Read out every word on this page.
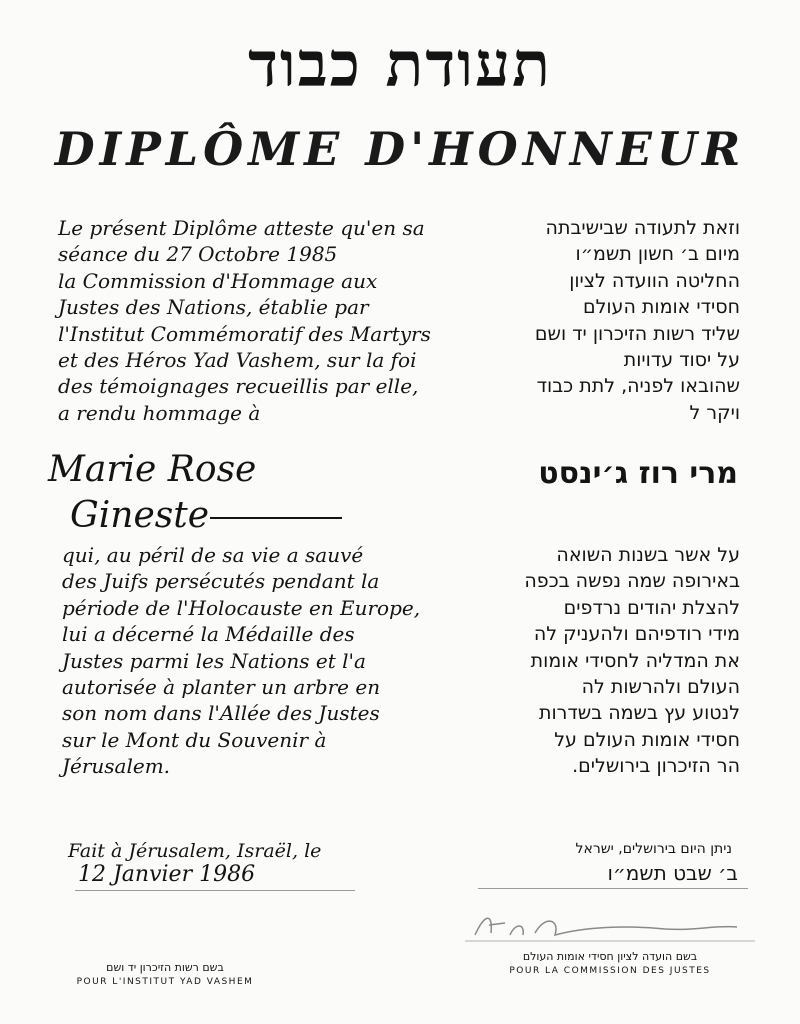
תעודת כבוד
DIPLÔME D'HONNEUR
Le présent Diplôme atteste qu'en sa
séance du 27 Octobre 1985
la Commission d'Hommage aux
Justes des Nations, établie par
l'Institut Commémoratif des Martyrs
et des Héros Yad Vashem, sur la foi
des témoignages recueillis par elle,
a rendu hommage à
וזאת לתעודה שבישיבתה
מיום ב׳ חשון תשמ״ו
החליטה הוועדה לציון
חסידי אומות העולם
שליד רשות הזיכרון יד ושם
על יסוד עדויות
שהובאו לפניה, לתת כבוד
ויקר ל
Marie Rose
Gineste
מרי רוז ג׳ינסט
qui, au péril de sa vie a sauvé
des Juifs persécutés pendant la
période de l'Holocauste en Europe,
lui a décerné la Médaille des
Justes parmi les Nations et l'a
autorisée à planter un arbre en
son nom dans l'Allée des Justes
sur le Mont du Souvenir à
Jérusalem.
על אשר בשנות השואה
באירופה שמה נפשה בכפה
להצלת יהודים נרדפים
מידי רודפיהם ולהעניק לה
את המדליה לחסידי אומות
העולם ולהרשות לה
לנטוע עץ בשמה בשדרות
חסידי אומות העולם על
הר הזיכרון בירושלים.
Fait à Jérusalem, Israël, le
12 Janvier 1986
ניתן היום בירושלים, ישראל
ב׳ שבט תשמ״ו
בשם רשות הזיכרון יד ושם
POUR L'INSTITUT YAD VASHEM
בשם הועדה לציון חסידי אומות העולם
POUR LA COMMISSION DES JUSTES
